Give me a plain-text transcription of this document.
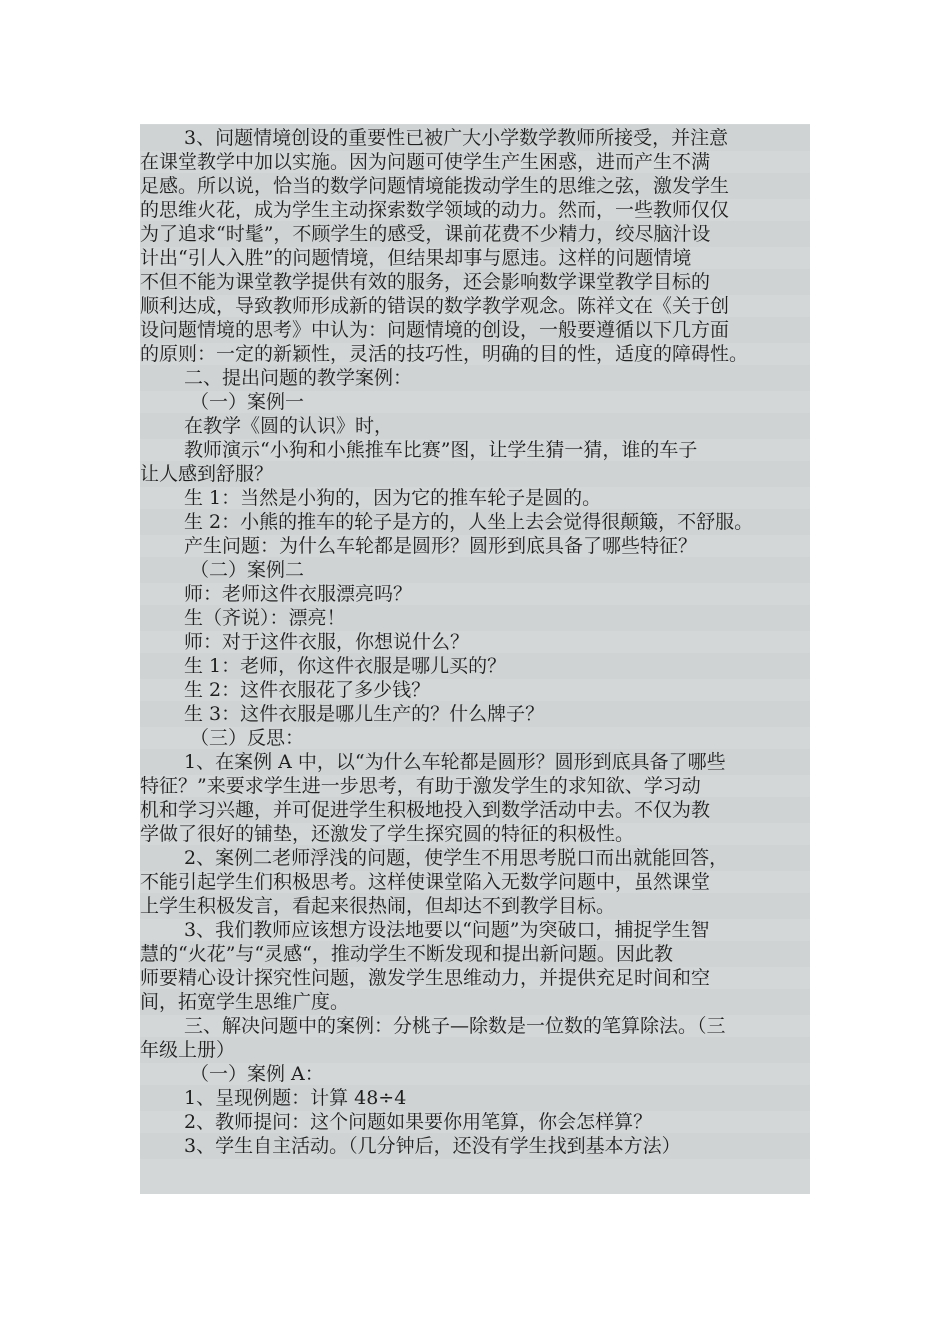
3、问题情境创设的重要性已被广大小学数学教师所接受，并注意
在课堂教学中加以实施。因为问题可使学生产生困惑，进而产生不满
足感。所以说，恰当的数学问题情境能拨动学生的思维之弦，激发学生
的思维火花，成为学生主动探索数学领域的动力。然而，一些教师仅仅
为了追求“时髦”，不顾学生的感受，课前花费不少精力，绞尽脑汁设
计出“引人入胜”的问题情境，但结果却事与愿违。这样的问题情境
不但不能为课堂教学提供有效的服务，还会影响数学课堂教学目标的
顺利达成，导致教师形成新的错误的数学教学观念。陈祥文在《关于创
设问题情境的思考》中认为：问题情境的创设，一般要遵循以下几方面
的原则：一定的新颖性，灵活的技巧性，明确的目的性，适度的障碍性。
二、提出问题的教学案例：
（一）案例一
在教学《圆的认识》时，
教师演示“小狗和小熊推车比赛”图，让学生猜一猜，谁的车子
让人感到舒服？
生 1：当然是小狗的，因为它的推车轮子是圆的。
生 2：小熊的推车的轮子是方的，人坐上去会觉得很颠簸，不舒服。
产生问题：为什么车轮都是圆形？圆形到底具备了哪些特征？
（二）案例二
师：老师这件衣服漂亮吗？
生（齐说）：漂亮！
师：对于这件衣服，你想说什么？
生 1：老师，你这件衣服是哪儿买的？
生 2：这件衣服花了多少钱？
生 3：这件衣服是哪儿生产的？什么牌子？
（三）反思：
1、在案例 A 中，以“为什么车轮都是圆形？圆形到底具备了哪些
特征？”来要求学生进一步思考，有助于激发学生的求知欲、学习动
机和学习兴趣，并可促进学生积极地投入到数学活动中去。不仅为教
学做了很好的铺垫，还激发了学生探究圆的特征的积极性。
2、案例二老师浮浅的问题，使学生不用思考脱口而出就能回答，
不能引起学生们积极思考。这样使课堂陷入无数学问题中，虽然课堂
上学生积极发言，看起来很热闹，但却达不到教学目标。
3、我们教师应该想方设法地要以“问题”为突破口，捕捉学生智
慧的“火花”与“灵感“，推动学生不断发现和提出新问题。因此教
师要精心设计探究性问题，激发学生思维动力，并提供充足时间和空
间，拓宽学生思维广度。
三、解决问题中的案例：分桃子—除数是一位数的笔算除法。（三
年级上册）
（一）案例 A：
1、呈现例题：计算 48÷4
2、教师提问：这个问题如果要你用笔算，你会怎样算？
3、学生自主活动。（几分钟后，还没有学生找到基本方法）
